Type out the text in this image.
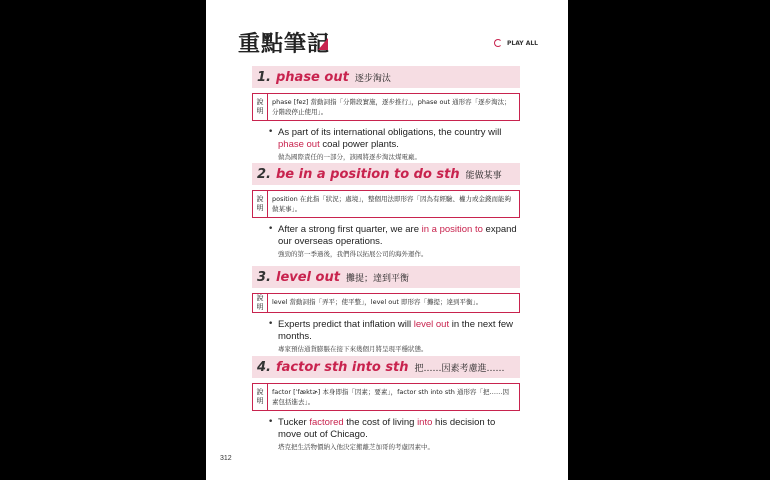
重點筆記	PLAY ALL
1. phase out 逐步淘汰
說
明
phase [fez] 當動詞指「分階段實施，逐步推行」，phase out 通形容「逐步淘汰；分階段停止使用」。
• As part of its international obligations, the country will phase out coal power plants.
做為國際責任的一部分，該國將逐步淘汰煤電廠。
2. be in a position to do sth 能做某事
說
明
position 在此指「狀況；處境」，整個用法即形容「因為有經驗、權力或金錢而能夠做某事」。
• After a strong first quarter, we are in a position to expand our overseas operations.
強勁的第一季過後，我們得以拓展公司的海外運作。
3. level out 攤提；達到平衡
說
明
level 當動詞指「弄平；使平整」，level out 即形容「攤提；達到平衡」。
• Experts predict that inflation will level out in the next few months.
專家預估通貨膨脹在接下來幾個月將呈現平穩狀態。
4. factor sth into sth 把……因素考慮進……
說
明
factor [ˈfæktɚ] 本身即指「因素；要素」，factor sth into sth 通形容「把……因素包括進去」。
• Tucker factored the cost of living into his decision to move out of Chicago.
塔克把生活物價納入他決定搬離芝加哥的考慮因素中。
312
